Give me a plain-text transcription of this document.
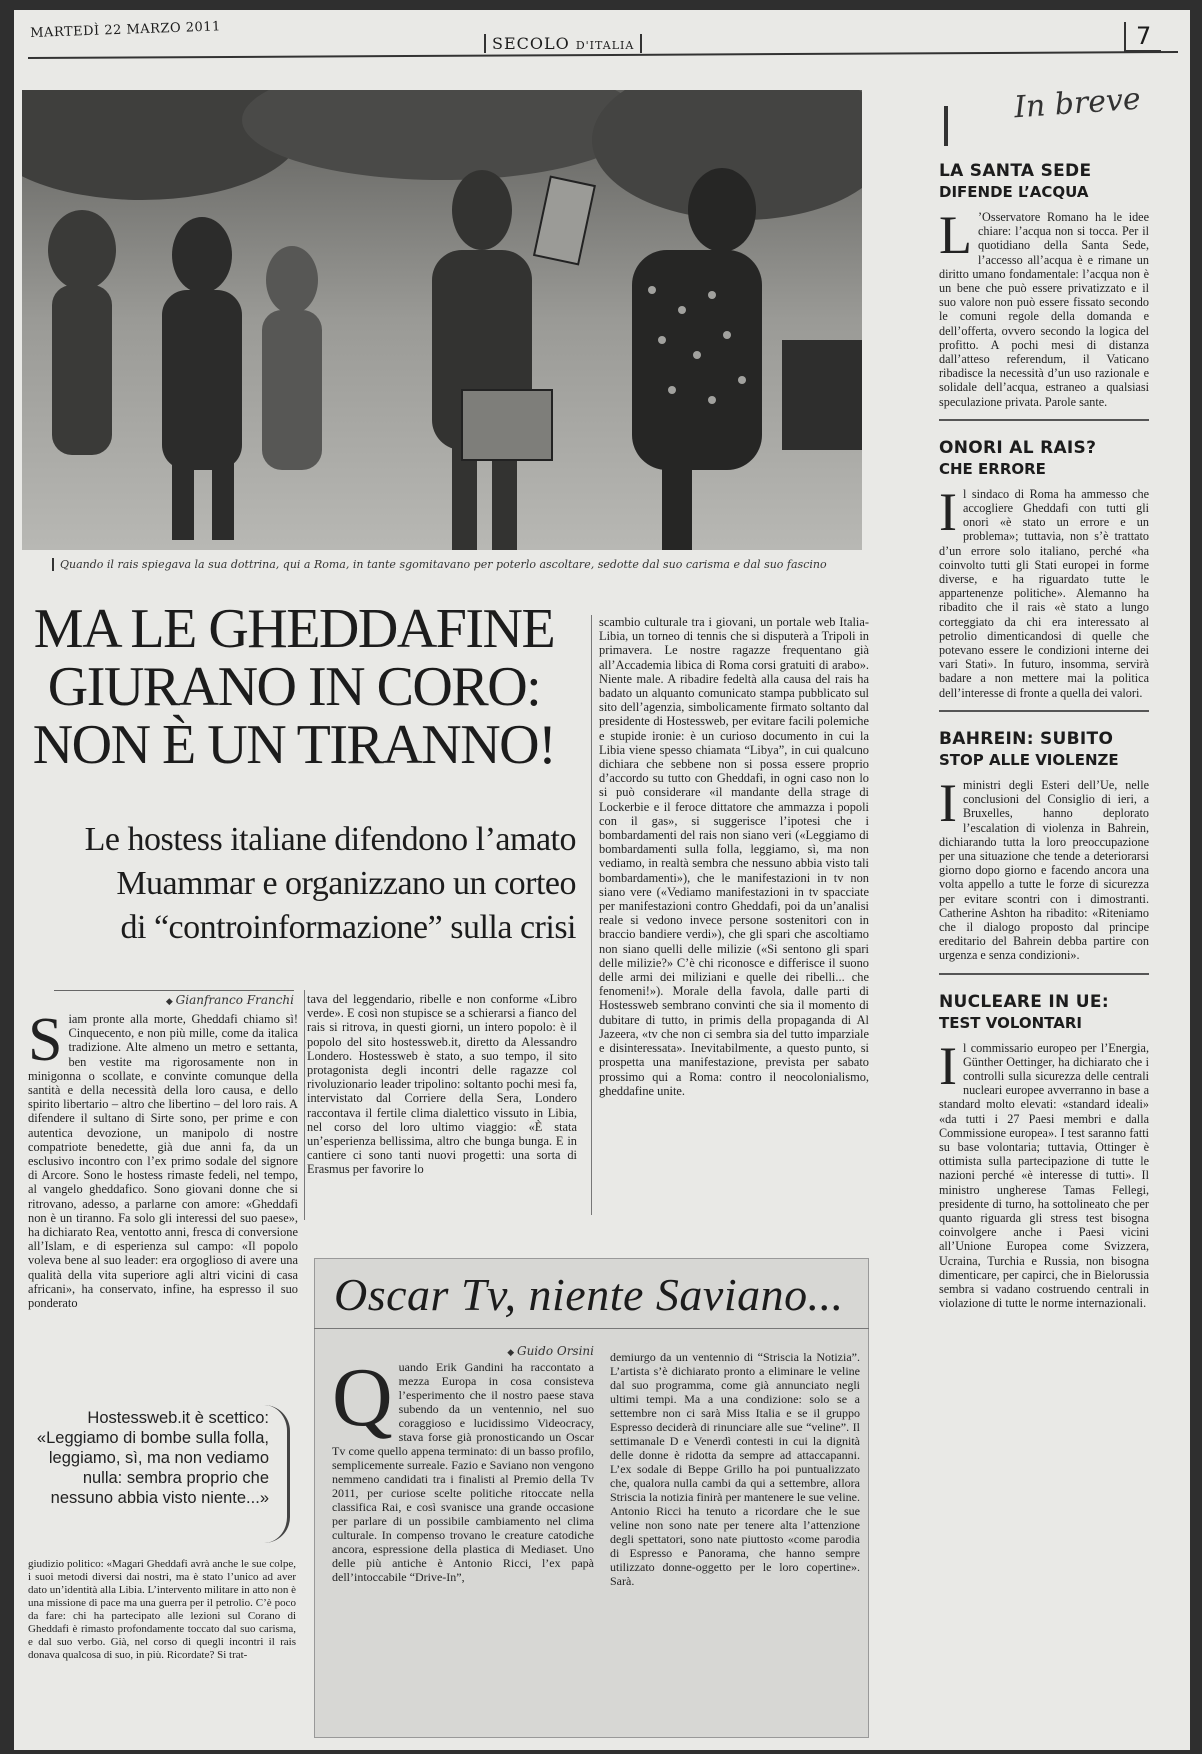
MARTEDÌ 22 MARZO 2011
SECOLO D'ITALIA	7
Quando il rais spiegava la sua dottrina, qui a Roma, in tante sgomitavano per poterlo ascoltare, sedotte dal suo carisma e dal suo fascino
MA LE GHEDDAFINE
GIURANO IN CORO:
NON È UN TIRANNO!
Le hostess italiane difendono l’amato
Muammar e organizzano un corteo
di “controinformazione” sulla crisi
◆ Gianfranco Franchi
S iam pronte alla morte, Gheddafi chiamo sì! Cinquecento, e non più mille, come da italica tradizione. Alte almeno un metro e settanta, ben vestite ma rigorosamente non in minigonna o scollate, e convinte comunque della santità e della necessità della loro causa, e dello spirito libertario – altro che libertino – del loro rais. A difendere il sultano di Sirte sono, per prime e con autentica devozione, un manipolo di nostre compatriote benedette, già due anni fa, da un esclusivo incontro con l’ex primo sodale del signore di Arcore. Sono le hostess rimaste fedeli, nel tempo, al vangelo gheddafico. Sono giovani donne che si ritrovano, adesso, a parlarne con amore: «Gheddafi non è un tiranno. Fa solo gli interessi del suo paese», ha dichiarato Rea, ventotto anni, fresca di conversione all’Islam, e di esperienza sul campo: «Il popolo voleva bene al suo leader: era orgoglioso di avere una qualità della vita superiore agli altri vicini di casa africani», ha conservato, infine, ha espresso il suo ponderato
tava del leggendario, ribelle e non conforme «Libro verde». E così non stupisce se a schierarsi a fianco del rais si ritrova, in questi giorni, un intero popolo: è il popolo del sito hostessweb.it, diretto da Alessandro Londero. Hostessweb è stato, a suo tempo, il sito protagonista degli incontri delle ragazze col rivoluzionario leader tripolino: soltanto pochi mesi fa, intervistato dal Corriere della Sera, Londero raccontava il fertile clima dialettico vissuto in Libia, nel corso del loro ultimo viaggio: «È stata un’esperienza bellissima, altro che bunga bunga. E in cantiere ci sono tanti nuovi progetti: una sorta di Erasmus per favorire lo
scambio culturale tra i giovani, un portale web Italia-Libia, un torneo di tennis che si disputerà a Tripoli in primavera. Le nostre ragazze frequentano già all’Accademia libica di Roma corsi gratuiti di arabo». Niente male. A ribadire fedeltà alla causa del rais ha badato un alquanto comunicato stampa pubblicato sul sito dell’agenzia, simbolicamente firmato soltanto dal presidente di Hostessweb, per evitare facili polemiche e stupide ironie: è un curioso documento in cui la Libia viene spesso chiamata “Libya”, in cui qualcuno dichiara che sebbene non si possa essere proprio d’accordo su tutto con Gheddafi, in ogni caso non lo si può considerare «il mandante della strage di Lockerbie e il feroce dittatore che ammazza i popoli con il gas», si suggerisce l’ipotesi che i bombardamenti del rais non siano veri («Leggiamo di bombardamenti sulla folla, leggiamo, sì, ma non vediamo, in realtà sembra che nessuno abbia visto tali bombardamenti»), che le manifestazioni in tv non siano vere («Vediamo manifestazioni in tv spacciate per manifestazioni contro Gheddafi, poi da un’analisi reale si vedono invece persone sostenitori con in braccio bandiere verdi»), che gli spari che ascoltiamo non siano quelli delle milizie («Si sentono gli spari delle milizie?» C’è chi riconosce e differisce il suono delle armi dei miliziani e quelle dei ribelli... che fenomeni!»). Morale della favola, dalle parti di Hostessweb sembrano convinti che sia il momento di dubitare di tutto, in primis della propaganda di Al Jazeera, «tv che non ci sembra sia del tutto imparziale e disinteressata». Inevitabilmente, a questo punto, si prospetta una manifestazione, prevista per sabato prossimo qui a Roma: contro il neocolonialismo, gheddafine unite.
Hostessweb.it è scettico: «Leggiamo di bombe sulla folla, leggiamo, sì, ma non vediamo nulla: sembra proprio che nessuno abbia visto niente...»
giudizio politico: «Magari Gheddafi avrà anche le sue colpe, i suoi metodi diversi dai nostri, ma è stato l’unico ad aver dato un’identità alla Libia. L’intervento militare in atto non è una missione di pace ma una guerra per il petrolio. C’è poco da fare: chi ha partecipato alle lezioni sul Corano di Gheddafi è rimasto profondamente toccato dal suo carisma, e dal suo verbo. Già, nel corso di quegli incontri il rais donava qualcosa di suo, in più. Ricordate? Si trat-
Oscar Tv, niente Saviano...
◆ Guido Orsini
Q uando Erik Gandini ha raccontato a mezza Europa in cosa consisteva l’esperimento che il nostro paese stava subendo da un ventennio, nel suo coraggioso e lucidissimo Videocracy, stava forse già pronosticando un Oscar Tv come quello appena terminato: di un basso profilo, semplicemente surreale. Fazio e Saviano non vengono nemmeno candidati tra i finalisti al Premio della Tv 2011, per curiose scelte politiche ritoccate nella classifica Rai, e così svanisce una grande occasione per parlare di un possibile cambiamento nel clima culturale. In compenso trovano le creature catodiche ancora, espressione della plastica di Mediaset. Uno delle più antiche è Antonio Ricci, l’ex papà dell’intoccabile “Drive-In”,
demiurgo da un ventennio di “Striscia la Notizia”. L’artista s’è dichiarato pronto a eliminare le veline dal suo programma, come già annunciato negli ultimi tempi. Ma a una condizione: solo se a settembre non ci sarà Miss Italia e se il gruppo Espresso deciderà di rinunciare alle sue “veline”. Il settimanale D e Venerdì contesti in cui la dignità delle donne è ridotta da sempre ad attaccapanni. L’ex sodale di Beppe Grillo ha poi puntualizzato che, qualora nulla cambi da qui a settembre, allora Striscia la notizia finirà per mantenere le sue veline. Antonio Ricci ha tenuto a ricordare che le sue veline non sono nate per tenere alta l’attenzione degli spettatori, sono nate piuttosto «come parodia di Espresso e Panorama, che hanno sempre utilizzato donne-oggetto per le loro copertine». Sarà.
In breve
LA SANTA SEDE
DIFENDE L’ACQUA
L ’Osservatore Romano ha le idee chiare: l’acqua non si tocca. Per il quotidiano della Santa Sede, l’accesso all’acqua è e rimane un diritto umano fondamentale: l’acqua non è un bene che può essere privatizzato e il suo valore non può essere fissato secondo le comuni regole della domanda e dell’offerta, ovvero secondo la logica del profitto. A pochi mesi di distanza dall’atteso referendum, il Vaticano ribadisce la necessità d’un uso razionale e solidale dell’acqua, estraneo a qualsiasi speculazione privata. Parole sante.
ONORI AL RAIS?
CHE ERRORE
I l sindaco di Roma ha ammesso che accogliere Gheddafi con tutti gli onori «è stato un errore e un problema»; tuttavia, non s’è trattato d’un errore solo italiano, perché «ha coinvolto tutti gli Stati europei in forme diverse, e ha riguardato tutte le appartenenze politiche». Alemanno ha ribadito che il rais «è stato a lungo corteggiato da chi era interessato al petrolio dimenticandosi di quelle che potevano essere le condizioni interne dei vari Stati». In futuro, insomma, servirà badare a non mettere mai la politica dell’interesse di fronte a quella dei valori.
BAHREIN: SUBITO
STOP ALLE VIOLENZE
I ministri degli Esteri dell’Ue, nelle conclusioni del Consiglio di ieri, a Bruxelles, hanno deplorato l’escalation di violenza in Bahrein, dichiarando tutta la loro preoccupazione per una situazione che tende a deteriorarsi giorno dopo giorno e facendo ancora una volta appello a tutte le forze di sicurezza per evitare scontri con i dimostranti. Catherine Ashton ha ribadito: «Riteniamo che il dialogo proposto dal principe ereditario del Bahrein debba partire con urgenza e senza condizioni».
NUCLEARE IN UE:
TEST VOLONTARI
I l commissario europeo per l’Energia, Günther Oettinger, ha dichiarato che i controlli sulla sicurezza delle centrali nucleari europee avverranno in base a standard molto elevati: «standard ideali» «da tutti i 27 Paesi membri e dalla Commissione europea». I test saranno fatti su base volontaria; tuttavia, Ottinger è ottimista sulla partecipazione di tutte le nazioni perché «è interesse di tutti». Il ministro ungherese Tamas Fellegi, presidente di turno, ha sottolineato che per quanto riguarda gli stress test bisogna coinvolgere anche i Paesi vicini all’Unione Europea come Svizzera, Ucraina, Turchia e Russia, non bisogna dimenticare, per capirci, che in Bielorussia sembra si vadano costruendo centrali in violazione di tutte le norme internazionali.
